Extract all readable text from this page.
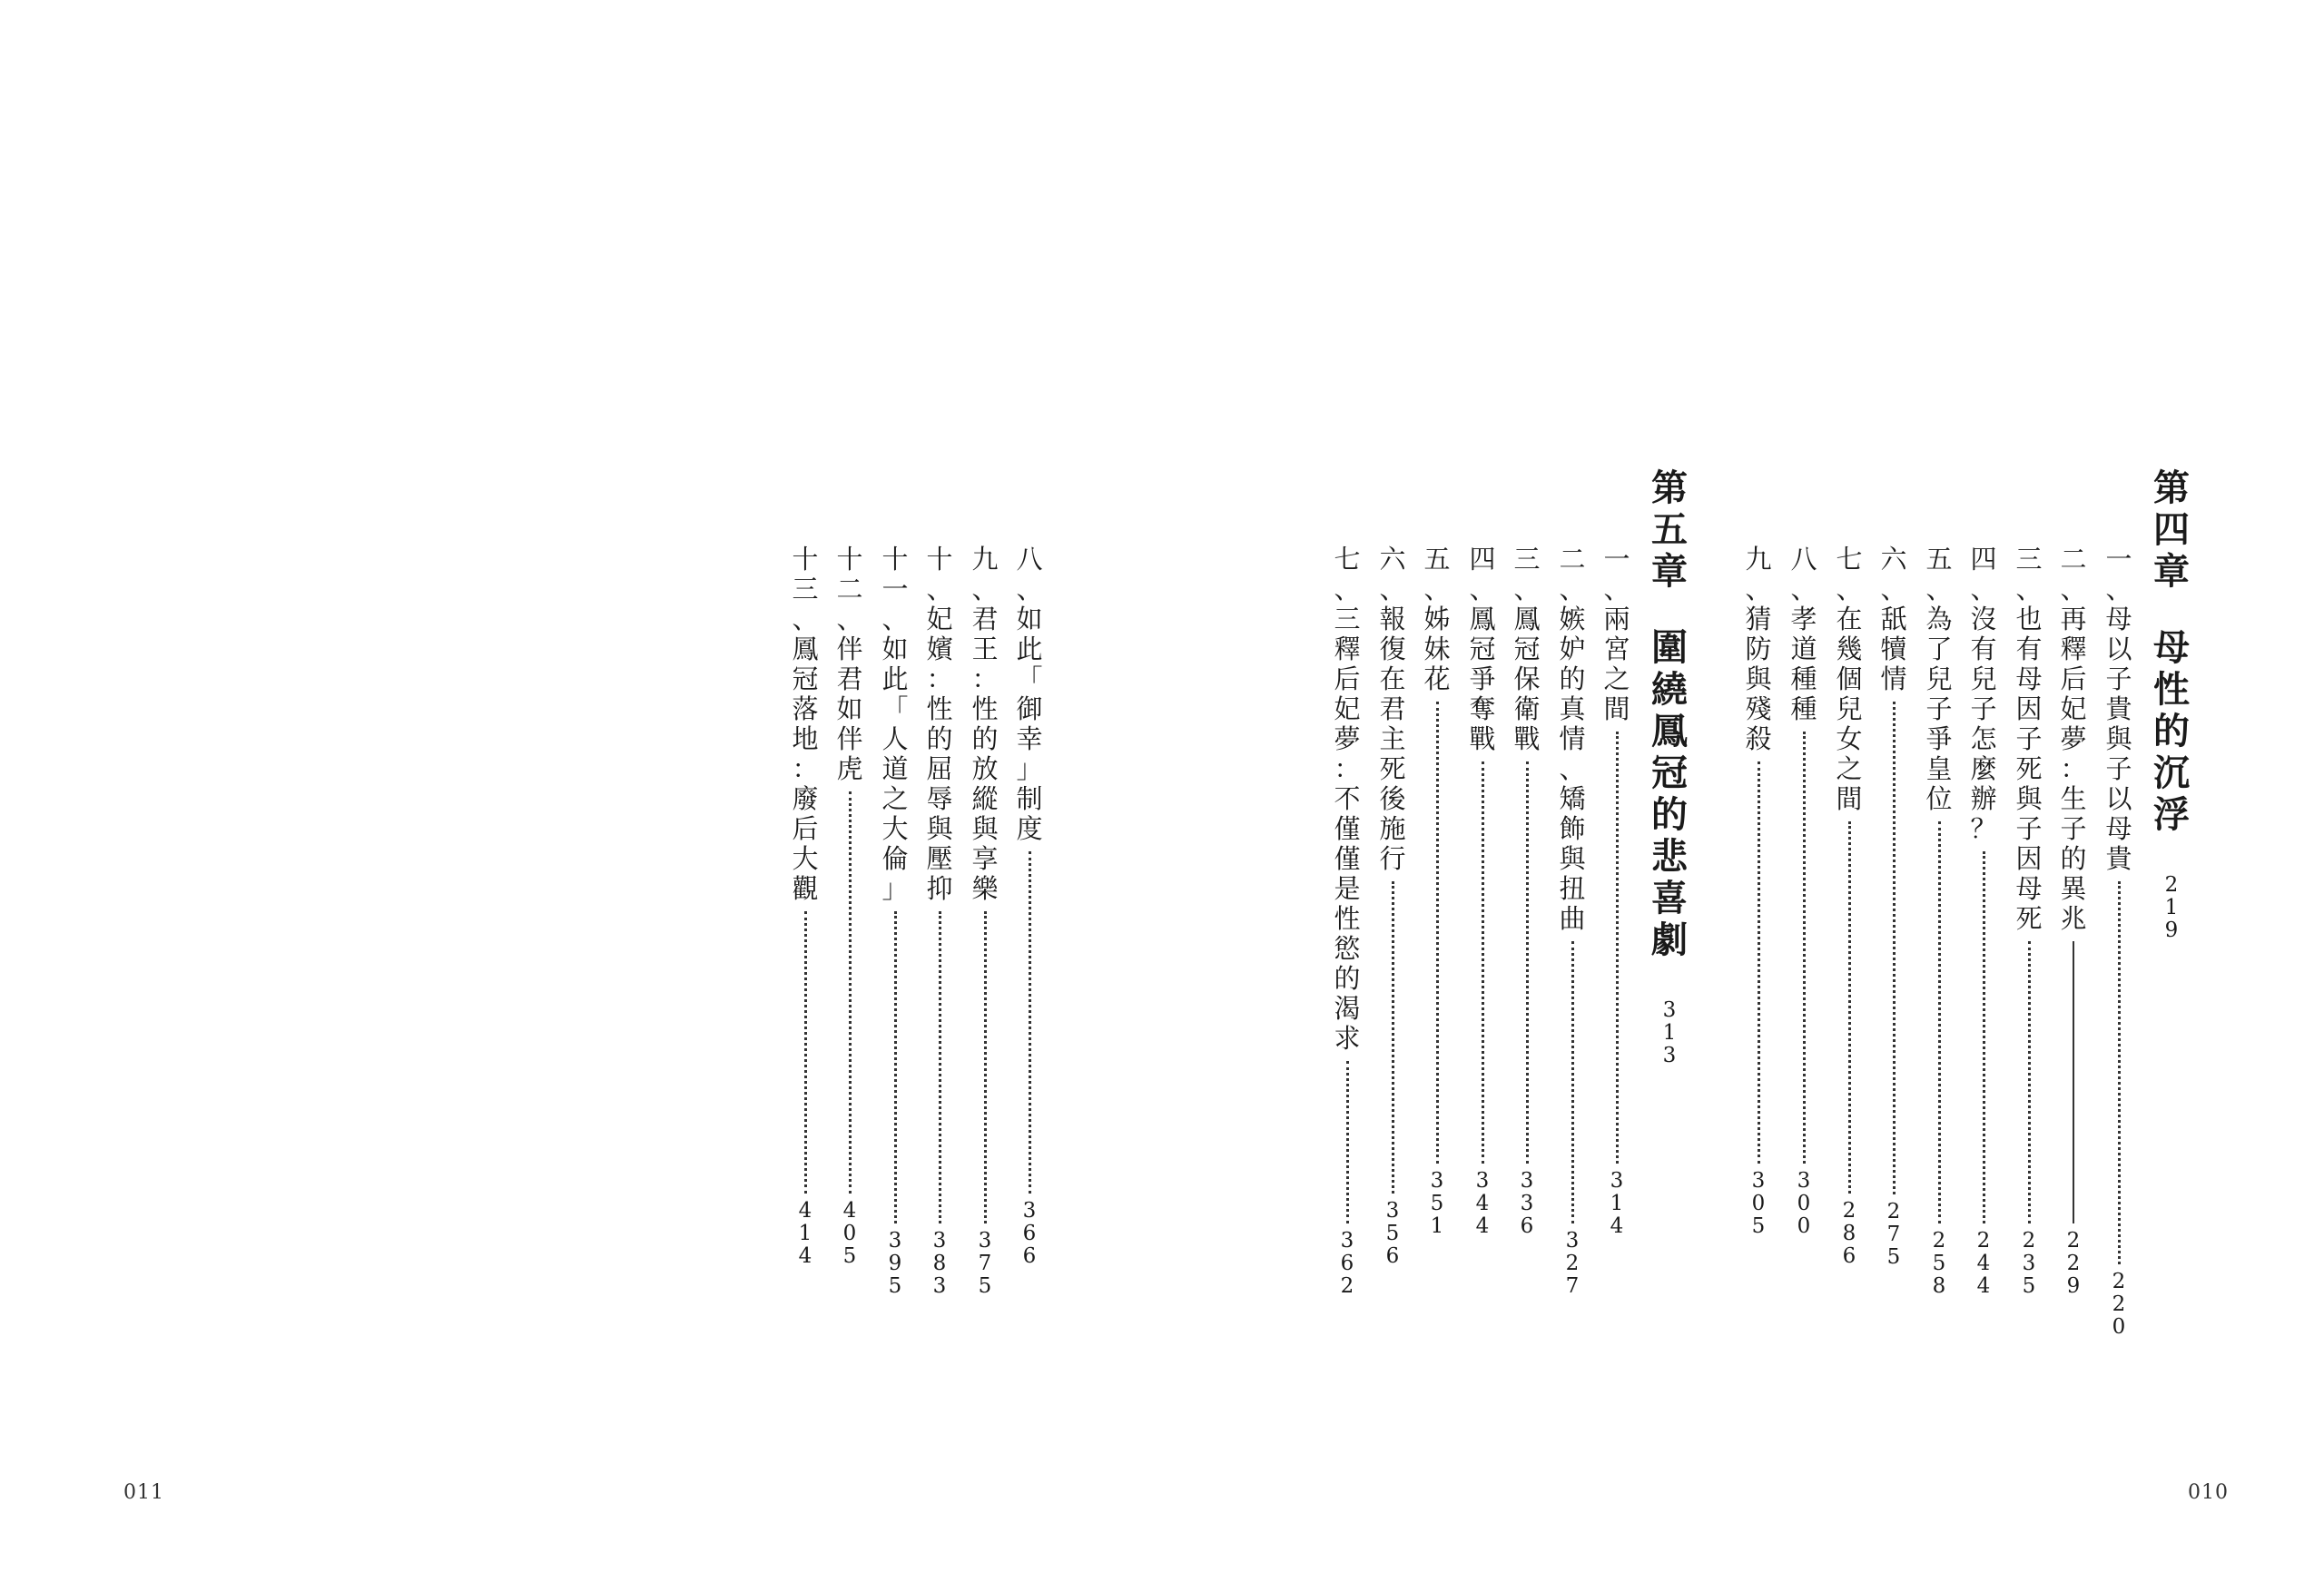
第
四
章
母
性
的
沉
浮
2
1
9
一
、
母
以
子
貴
與
子
以
母
貴
2
2
0
二
、
再
釋
后
妃
夢
：
生
子
的
異
兆
2
2
9
三
、
也
有
母
因
子
死
與
子
因
母
死
2
3
5
四
、
沒
有
兒
子
怎
麼
辦
？
2
4
4
五
、
為
了
兒
子
爭
皇
位
2
5
8
六
、
舐
犢
情
2
7
5
七
、
在
幾
個
兒
女
之
間
2
8
6
八
、
孝
道
種
種
3
0
0
九
、
猜
防
與
殘
殺
3
0
5
第
五
章
圍
繞
鳳
冠
的
悲
喜
劇
3
1
3
一
、
兩
宮
之
間
3
1
4
二
、
嫉
妒
的
真
情
、
矯
飾
與
扭
曲
3
2
7
三
、
鳳
冠
保
衛
戰
3
3
6
四
、
鳳
冠
爭
奪
戰
3
4
4
五
、
姊
妹
花
3
5
1
六
、
報
復
在
君
主
死
後
施
行
3
5
6
七
、
三
釋
后
妃
夢
：
不
僅
僅
是
性
慾
的
渴
求
3
6
2
八
、
如
此
「
御
幸
」
制
度
3
6
6
九
、
君
王
：
性
的
放
縱
與
享
樂
3
7
5
十
、
妃
嬪
：
性
的
屈
辱
與
壓
抑
3
8
3
十
一
、
如
此
「
人
道
之
大
倫
」
3
9
5
十
二
、
伴
君
如
伴
虎
4
0
5
十
三
、
鳳
冠
落
地
：
廢
后
大
觀
4
1
4
011	010
